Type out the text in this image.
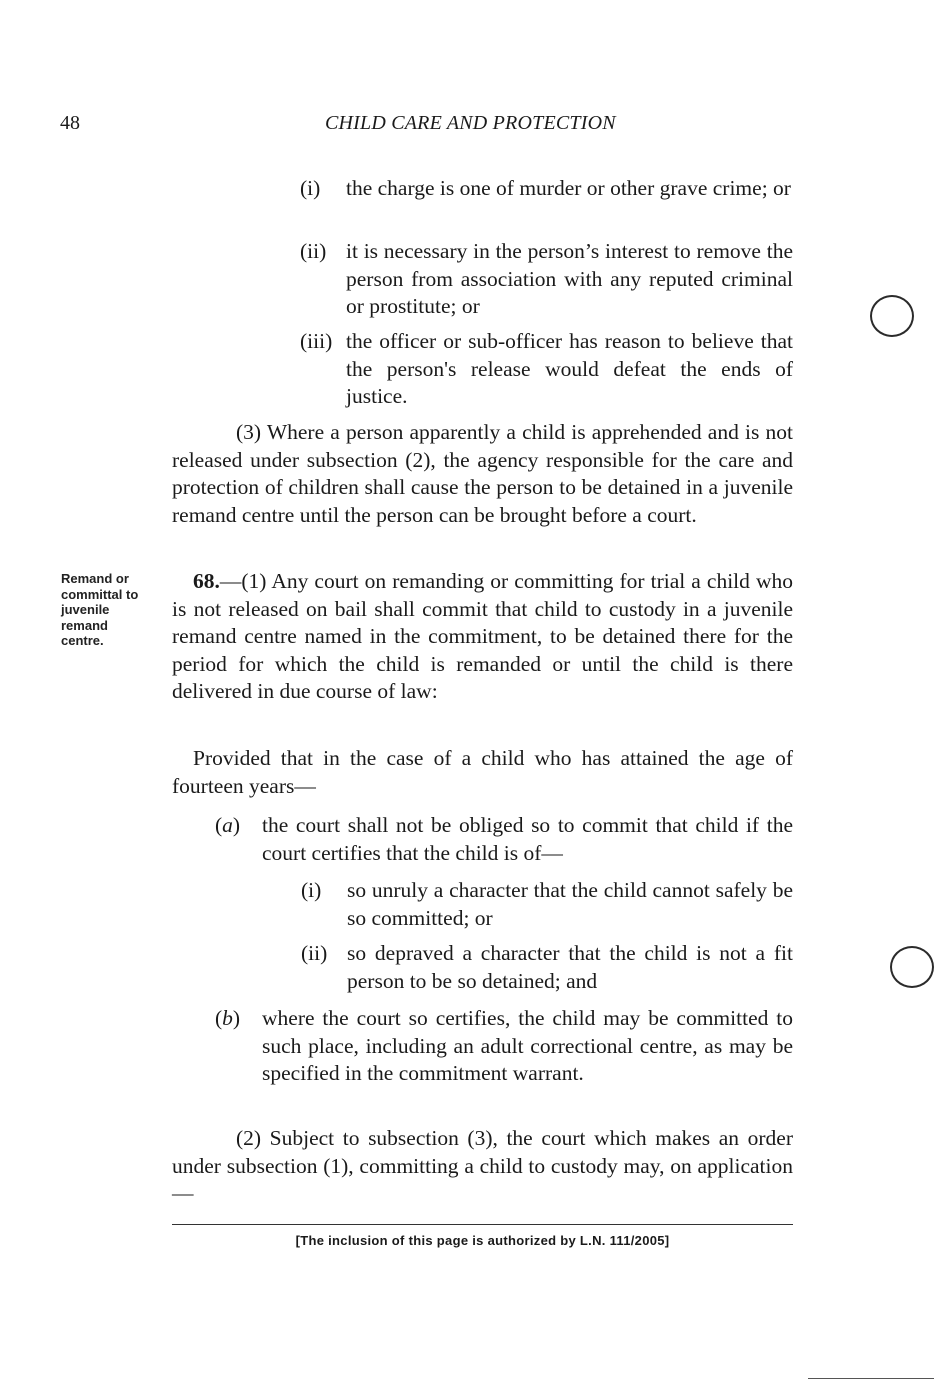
48	CHILD CARE AND PROTECTION
(i) the charge is one of murder or other grave crime; or
(ii) it is necessary in the person’s interest to remove the person from association with any reputed criminal or prostitute; or
(iii) the officer or sub-officer has reason to believe that the person's release would defeat the ends of justice.
(3) Where a person apparently a child is apprehended and is not released under subsection (2), the agency responsible for the care and protection of children shall cause the person to be detained in a juvenile remand centre until the person can be brought before a court.
Remand or
committal to
juvenile
remand
centre.
68.—(1) Any court on remanding or committing for trial a child who is not released on bail shall commit that child to custody in a juvenile remand centre named in the commitment, to be detained there for the period for which the child is remanded or until the child is there delivered in due course of law:
Provided that in the case of a child who has attained the age of fourteen years—
(a) the court shall not be obliged so to commit that child if the court certifies that the child is of—
(i) so unruly a character that the child cannot safely be so committed; or
(ii) so depraved a character that the child is not a fit person to be so detained; and
(b) where the court so certifies, the child may be committed to such place, including an adult correctional centre, as may be specified in the commitment warrant.
(2) Subject to subsection (3), the court which makes an order under subsection (1), committing a child to custody may, on application—
[The inclusion of this page is authorized by L.N. 111/2005]
